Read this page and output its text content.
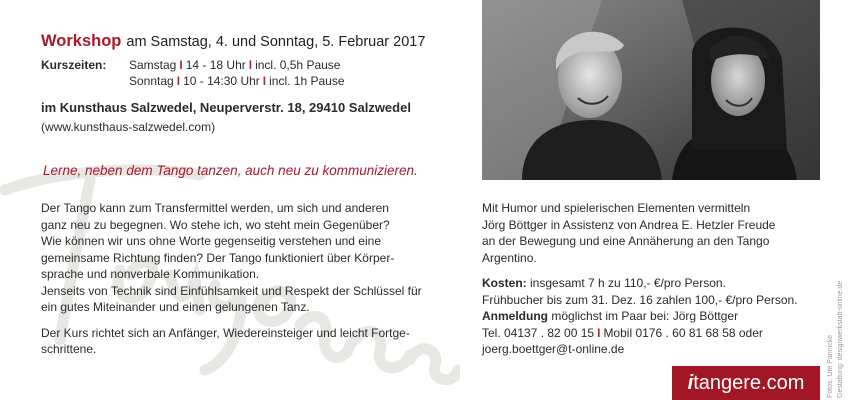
Workshop am Samstag, 4. und Sonntag, 5. Februar 2017
Kurszeiten: Samstag I 14 - 18 Uhr I incl. 0,5h Pause
Sonntag I 10 - 14:30 Uhr I incl. 1h Pause
im Kunsthaus Salzwedel, Neuperverstr. 18, 29410 Salzwedel
(www.kunsthaus-salzwedel.com)
Lerne, neben dem Tango tanzen, auch neu zu kommunizieren.

Der Tango kann zum Transfermittel werden, um sich und anderen
ganz neu zu begegnen. Wo stehe ich, wo steht mein Gegenüber?
Wie können wir uns ohne Worte gegenseitig verstehen und eine
gemeinsame Richtung finden? Der Tango funktioniert über Körper-
sprache und nonverbale Kommunikation.
Jenseits von Technik sind Einfühlsamkeit und Respekt der Schlüssel für
ein gutes Miteinander und einen gelungenen Tanz.

Der Kurs richtet sich an Anfänger, Wiedereinsteiger und leicht Fortge-
schrittene.

Mit Humor und spielerischen Elementen vermitteln
Jörg Böttger in Assistenz von Andrea E. Hetzler Freude
an der Bewegung und eine Annäherung an den Tango
Argentino.

Kosten: insgesamt 7 h zu 110,- €/pro Person.
Frühbucher bis zum 31. Dez. 16 zahlen 100,- €/pro Person.
Anmeldung möglichst im Paar bei: Jörg Böttger
Tel. 04137 . 82 00 15 I Mobil 0176 . 60 81 68 58 oder
joerg.boettger@t-online.de

i tangere.com	Fotos: Ute Pannicke Gestaltung: designwerkstatt-online.de
